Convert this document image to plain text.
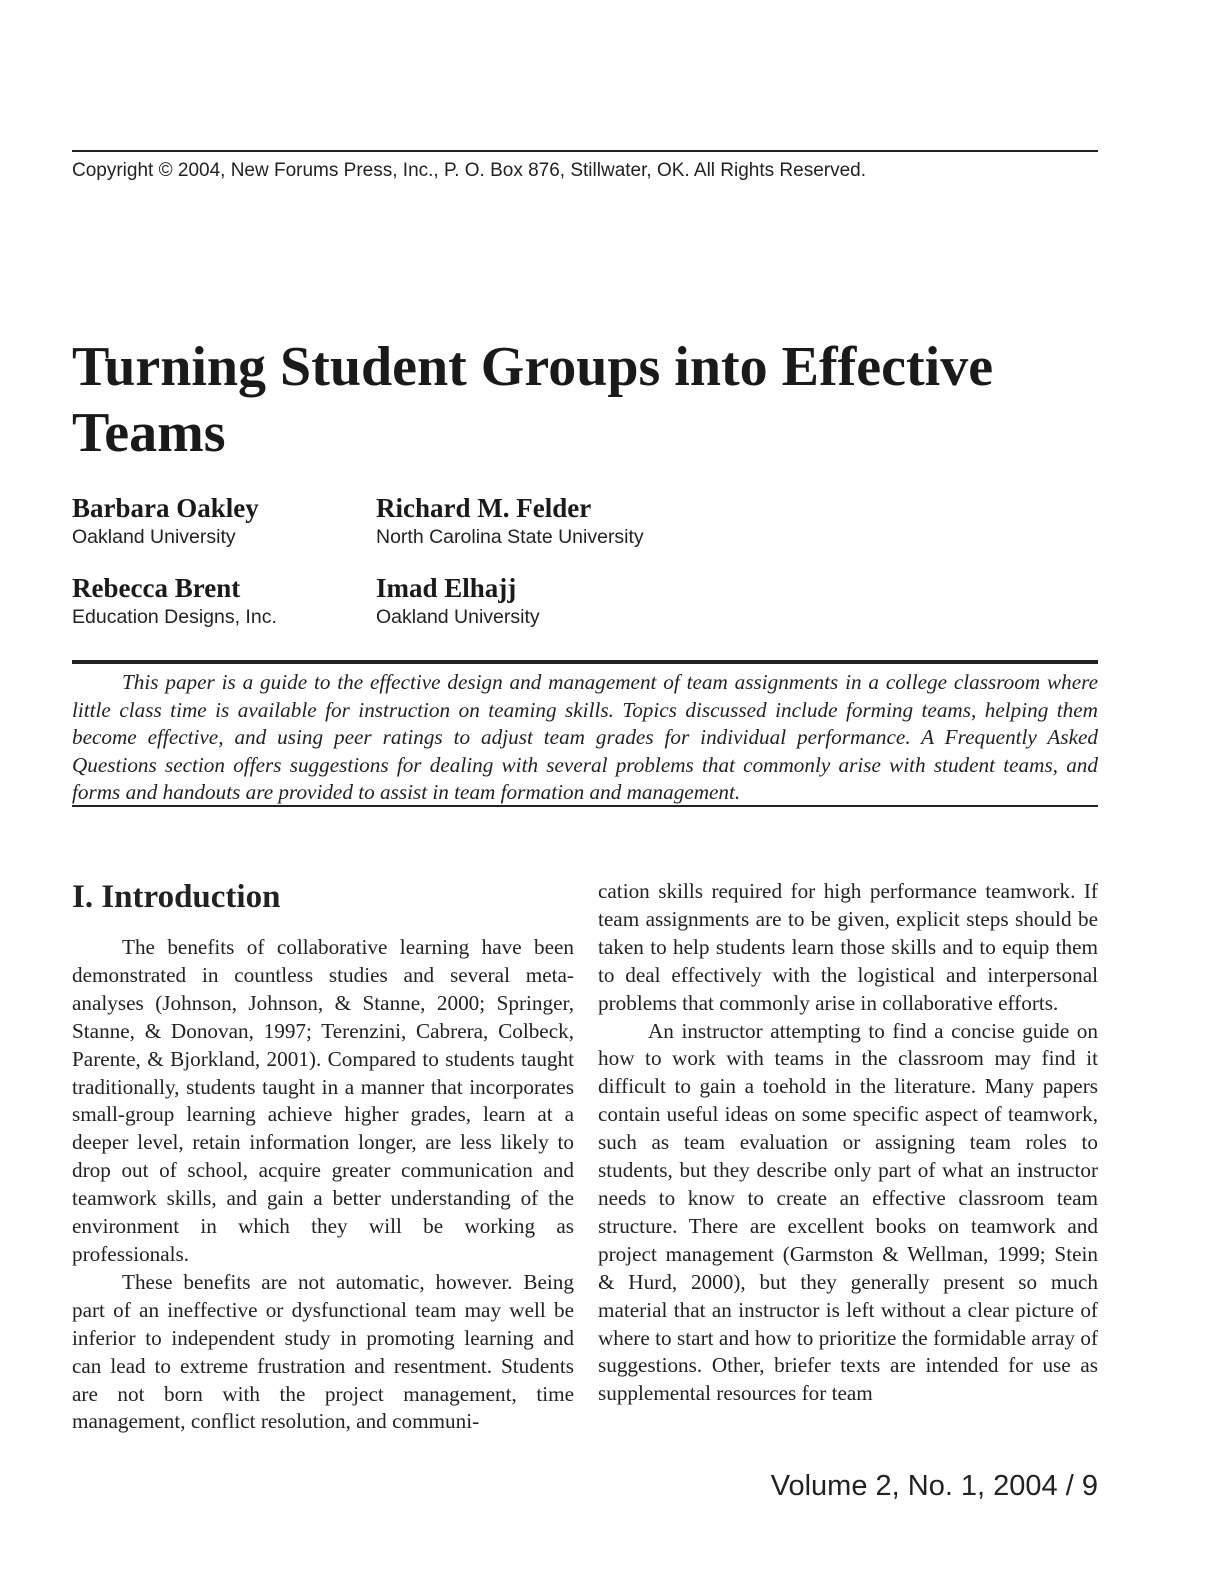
Copyright © 2004, New Forums Press, Inc., P. O. Box 876, Stillwater, OK. All Rights Reserved.
Turning Student Groups into Effective Teams
Barbara Oakley
Oakland University
Richard M. Felder
North Carolina State University
Rebecca Brent
Education Designs, Inc.
Imad Elhajj
Oakland University

This paper is a guide to the effective design and management of team assignments in a college classroom where little class time is available for instruction on teaming skills. Topics discussed include forming teams, helping them become effective, and using peer ratings to adjust team grades for individual performance. A Frequently Asked Questions section offers suggestions for dealing with several problems that commonly arise with student teams, and forms and handouts are provided to assist in team formation and management.

I. Introduction

The benefits of collaborative learning have been demonstrated in countless studies and several meta-analyses (Johnson, Johnson, & Stanne, 2000; Springer, Stanne, & Donovan, 1997; Terenzini, Cabrera, Colbeck, Parente, & Bjorkland, 2001). Compared to students taught traditionally, students taught in a manner that incorporates small-group learning achieve higher grades, learn at a deeper level, retain information longer, are less likely to drop out of school, acquire greater communication and teamwork skills, and gain a better understanding of the environment in which they will be working as professionals.

These benefits are not automatic, however. Being part of an ineffective or dysfunctional team may well be inferior to independent study in promoting learning and can lead to extreme frustration and resentment. Students are not born with the project management, time management, conflict resolution, and communi-

cation skills required for high performance teamwork. If team assignments are to be given, explicit steps should be taken to help students learn those skills and to equip them to deal effectively with the logistical and interpersonal problems that commonly arise in collaborative efforts.

An instructor attempting to find a concise guide on how to work with teams in the classroom may find it difficult to gain a toehold in the literature. Many papers contain useful ideas on some specific aspect of teamwork, such as team evaluation or assigning team roles to students, but they describe only part of what an instructor needs to know to create an effective classroom team structure. There are excellent books on teamwork and project management (Garmston & Wellman, 1999; Stein & Hurd, 2000), but they generally present so much material that an instructor is left without a clear picture of where to start and how to prioritize the formidable array of suggestions. Other, briefer texts are intended for use as supplemental resources for team

Volume 2, No. 1, 2004 / 9
